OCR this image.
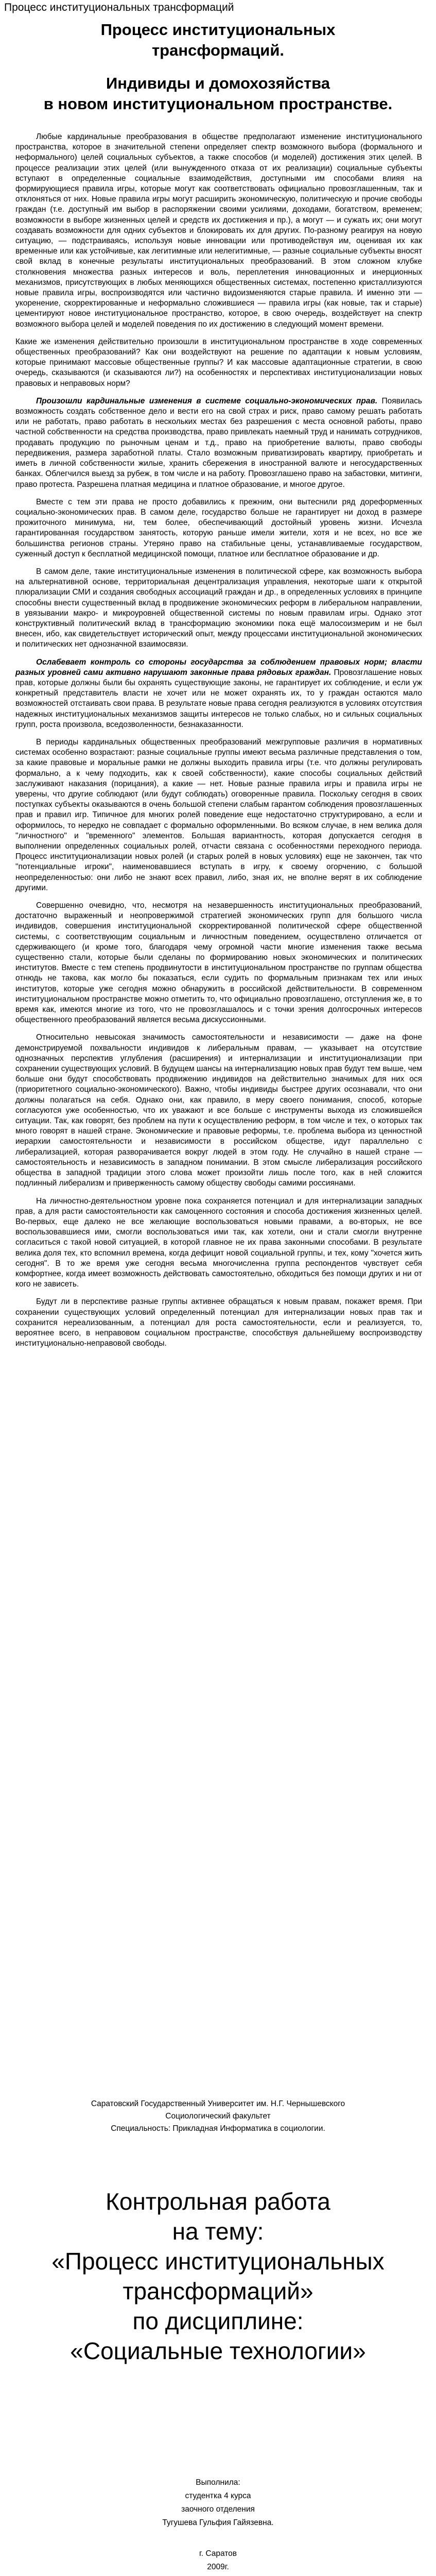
Процесс институциональных трансформаций
Процесс институциональных
трансформаций.
Индивиды и домохозяйства
в новом институциональном пространстве.

Любые кардинальные преобразования в обществе предполагают изменение институционального пространства, которое в значительной степени определяет спектр возможного выбора (формального и неформального) целей социальных субъектов, а также способов (и моделей) достижения этих целей. В процессе реализации этих целей (или вынужденного отказа от их реализации) социальные субъекты вступают в определенные социальные взаимодействия, доступными им способами влияя на формирующиеся правила игры, которые могут как соответствовать официально провозглашенным, так и отклоняться от них. Новые правила игры могут расширить экономическую, политическую и прочие свободы граждан (т.е. доступный им выбор в распоряжении своими усилиями, доходами, богатством, временем; возможности в выборе жизненных целей и средств их достижения и пр.), а могут — и сужать их; они могут создавать возможности для одних субъектов и блокировать их для других. По-разному реагируя на новую ситуацию, — подстраиваясь, используя новые инновации или противодействуя им, оценивая их как временные или как устойчивые, как легитимные или нелегитимные, — разные социальные субъекты вносят свой вклад в конечные результаты институциональных преобразований. В этом сложном клубке столкновения множества разных интересов и воль, переплетения инновационных и инерционных механизмов, присутствующих в любых меняющихся общественных системах, постепенно кристаллизуются новые правила игры, воспроизводятся или частично видоизменяются старые правила. И именно эти — укоренение, скорректированные и неформально сложившиеся — правила игры (как новые, так и старые) цементируют новое институциональное пространство, которое, в свою очередь, воздействует на спектр возможного выбора целей и моделей поведения по их достижению в следующий момент времени.

Какие же изменения действительно произошли в институциональном пространстве в ходе современных общественных преобразований? Как они воздействуют на решение по адаптации к новым условиям, которые принимают массовые общественные группы? И как массовые адаптационные стратегии, в свою очередь, сказываются (и сказываются ли?) на особенностях и перспективах институционализации новых правовых и неправовых норм?

Произошли кардинальные изменения в системе социально-экономических прав. Появилась возможность создать собственное дело и вести его на свой страх и риск, право самому решать работать или не работать, право работать в нескольких местах без разрешения с места основной работы, право частной собственности на средства производства, право привлекать наемный труд и нанимать сотрудников, продавать продукцию по рыночным ценам и т.д., право на приобретение валюты, право свободы передвижения, размера заработной платы. Стало возможным приватизировать квартиру, приобретать и иметь в личной собственности жилые, хранить сбережения в иностранной валюте и негосударственных банках. Облегчился выезд за рубеж, в том числе и на работу. Провозглашено право на забастовки, митинги, право протеста. Разрешена платная медицина и платное образование, и многое другое.

Вместе с тем эти права не просто добавились к прежним, они вытеснили ряд дореформенных социально-экономических прав. В самом деле, государство больше не гарантирует ни доход в размере прожиточного минимума, ни, тем более, обеспечивающий достойный уровень жизни. Исчезла гарантированная государством занятость, которую раньше имели жители, хотя и не всех, но все же большинства регионов страны. Утеряно право на стабильные цены, устанавливаемые государством, суженный доступ к бесплатной медицинской помощи, платное или бесплатное образование и др.

В самом деле, такие институциональные изменения в политической сфере, как возможность выбора на альтернативной основе, территориальная децентрализация управления, некоторые шаги к открытой плюрализации СМИ и создания свободных ассоциаций граждан и др., в определенных условиях в принципе способны внести существенный вклад в продвижение экономических реформ в либеральном направлении, в увязывании макро- и микроуровней общественной системы по новым правилам игры. Однако этот конструктивный политический вклад в трансформацию экономики пока ещё малосоизмерим и не был внесен, ибо, как свидетельствует исторический опыт, между процессами институциональной экономических и политических нет однозначной взаимосвязи.

Ослабевает контроль со стороны государства за соблюдением правовых норм; власти разных уровней сами активно нарушают законные права рядовых граждан. Провозглашение новых прав, которые должны были бы охранять существующие законы, не гарантирует их соблюдение, и если уж конкретный представитель власти не хочет или не может охранять их, то у граждан остаются мало возможностей отстаивать свои права. В результате новые права сегодня реализуются в условиях отсутствия надежных институциональных механизмов защиты интересов не только слабых, но и сильных социальных групп, роста произвола, вседозволенности, безнаказанности.

В периоды кардинальных общественных преобразований межгрупповые различия в нормативных системах особенно возрастают: разные социальные группы имеют весьма различные представления о том, за какие правовые и моральные рамки не должны выходить правила игры (т.е. что должны регулировать формально, а к чему подходить, как к своей собственности), какие способы социальных действий заслуживают наказания (порицания), а какие — нет. Новые разные правила игры и правила игры не уверены, что другие соблюдают (или будут соблюдать) оговоренные правила. Поскольку сегодня в своих поступках субъекты оказываются в очень большой степени слабым гарантом соблюдения провозглашенных прав и правил игр. Типичное для многих ролей поведение еще недостаточно структурировано, а если и оформилось, то нередко не совпадает с формально оформленными. Во всяком случае, в нем велика доля "личностного" и "временного" элементов. Большая вариантность, которая допускается сегодня в выполнении определенных социальных ролей, отчасти связана с особенностями переходного периода. Процесс институционализации новых ролей (и старых ролей в новых условиях) еще не закончен, так что "потенциальные игроки", наименовавшиеся вступать в игру, к своему огорчению, с большой неопределенностью: они либо не знают всех правил, либо, зная их, не вполне верят в их соблюдение другими.

Совершенно очевидно, что, несмотря на незавершенность институциональных преобразований, достаточно выраженный и неопровержимой стратегией экономических групп для большого числа индивидов, совершения институциональной скорректированной политической сфере общественной системы, с соответствующим социальным и личностным поведением, осуществлено отличается от сдерживающего (и кроме того, благодаря чему огромной части многие изменения также весьма существенно стали, которые были сделаны по формированию новых экономических и политических институтов. Вместе с тем степень продвинутости в институциональном пространстве по группам общества отнюдь не такова, как могло бы показаться, если судить по формальным признакам тех или иных институтов, которые уже сегодня можно обнаружить в российской действительности. В современном институциональном пространстве можно отметить то, что официально провозглашено, отступления же, в то время как, имеются многие из того, что не провозглашалось и с точки зрения долгосрочных интересов общественного преобразований является весьма дискуссионными.

Относительно невысокая значимость самостоятельности и независимости — даже на фоне демонстрируемой похвальности индивидов к либеральным правам, — указывает на отсутствие однозначных перспектив углубления (расширения) и интернализации и институционализации при сохранении существующих условий. В будущем шансы на интернализацию новых прав будут тем выше, чем больше они будут способствовать продвижению индивидов на действительно значимых для них ося (приоритетного социально-экономического). Важно, чтобы индивиды быстрее других осознавали, что они должны полагаться на себя. Однако они, как правило, в меру своего понимания, способ, которые согласуются уже особенностью, что их уважают и все больше с инструменты выхода из сложившейся ситуации. Так, как говорят, без проблем на пути к осуществлению реформ, в том числе и тех, о которых так много говорят в нашей стране. Экономические и правовые реформы, т.е. проблема выбора из ценностной иерархии самостоятельности и независимости в российском обществе, идут параллельно с либерализацией, которая разворачивается вокруг людей в этом году. Не случайно в нашей стране — самостоятельность и независимость в западном понимании. В этом смысле либерализация российского общества в западной традиции этого слова может произойти лишь после того, как в ней сложится подлинный либерализм и приверженность самому обществу свободы самими россиянами.

На личностно-деятельностном уровне пока сохраняется потенциал и для интернализации западных прав, а для расти самостоятельности как самоценного состояния и способа достижения жизненных целей. Во-первых, еще далеко не все желающие воспользоваться новыми правами, а во-вторых, не все воспользовавшиеся ими, смогли воспользоваться ими так, как хотели, они и стали смогли внутренне согласиться с такой новой ситуацией, в которой главное не их права законными способами. В результате велика доля тех, кто вспомнил времена, когда дефицит новой социальной группы, и тех, кому "хочется жить сегодня". В то же время уже сегодня весьма многочисленна группа респондентов чувствует себя комфортнее, когда имеет возможность действовать самостоятельно, обходиться без помощи других и ни от кого не зависеть.

Будут ли в перспективе разные группы активнее обращаться к новым правам, покажет время. При сохранении существующих условий определенный потенциал для интернализации новых прав так и сохранится нереализованным, а потенциал для роста самостоятельности, если и реализуется, то, вероятнее всего, в неправовом социальном пространстве, способствуя дальнейшему воспроизводству институционально-неправовой свободы.

Саратовский Государственный Университет им. Н.Г. Чернышевского
Социологический факультет
Специальность: Прикладная Информатика в социологии.
Контрольная работа
на тему:
«Процесс институциональных
трансформаций»
по дисциплине:
«Социальные технологии»
Выполнила:
студентка 4 курса
заочного отделения
Тугушева Гульфия Гайязевна.
г. Саратов
2009г.
